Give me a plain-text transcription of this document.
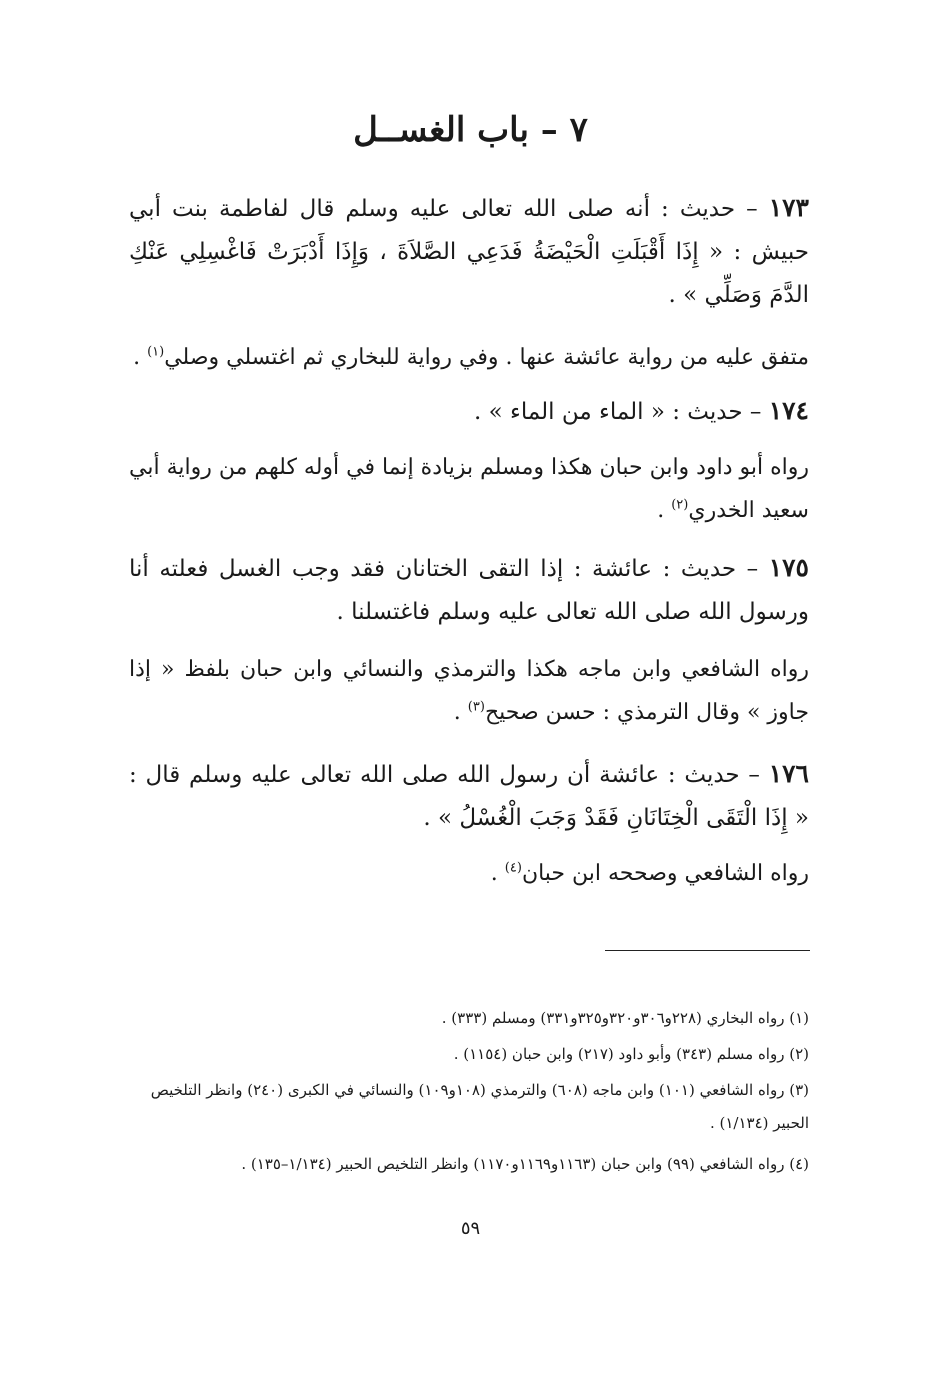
٧ – باب الغســل
١٧٣ – حديث : أنه صلى الله تعالى عليه وسلم قال لفاطمة بنت أبي حبيش : « إِذَا أَقْبَلَتِ الْحَيْضَةُ فَدَعِي الصَّلاَةَ ، وَإِذَا أَدْبَرَتْ فَاغْسِلِي عَنْكِ الدَّمَ وَصَلِّي » .
متفق عليه من رواية عائشة عنها . وفي رواية للبخاري ثم اغتسلي وصلي$^{(١)}$ .
١٧٤ – حديث : « الماء من الماء » .
رواه أبو داود وابن حبان هكذا ومسلم بزيادة إنما في أوله كلهم من رواية أبي سعيد الخدري$^{(٢)}$ .
١٧٥ – حديث : عائشة : إذا التقى الختانان فقد وجب الغسل فعلته أنا ورسول الله صلى الله تعالى عليه وسلم فاغتسلنا .
رواه الشافعي وابن ماجه هكذا والترمذي والنسائي وابن حبان بلفظ « إذا جاوز » وقال الترمذي : حسن صحيح$^{(٣)}$ .
١٧٦ – حديث : عائشة أن رسول الله صلى الله تعالى عليه وسلم قال : « إِذَا الْتَقَى الْخِتَانَانِ فَقَدْ وَجَبَ الْغُسْلُ » .
رواه الشافعي وصححه ابن حبان$^{(٤)}$ .
(١) رواه البخاري (٢٢٨و٣٠٦و٣٢٠و٣٢٥و٣٣١) ومسلم (٣٣٣) .
(٢) رواه مسلم (٣٤٣) وأبو داود (٢١٧) وابن حبان (١١٥٤) .
(٣) رواه الشافعي (١٠١) وابن ماجه (٦٠٨) والترمذي (١٠٨و١٠٩) والنسائي في الكبرى (٢٤٠) وانظر التلخيص الحبير (١/١٣٤) .
(٤) رواه الشافعي (٩٩) وابن حبان (١١٦٣و١١٦٩و١١٧٠) وانظر التلخيص الحبير (١/١٣٤–١٣٥) .
٥٩
